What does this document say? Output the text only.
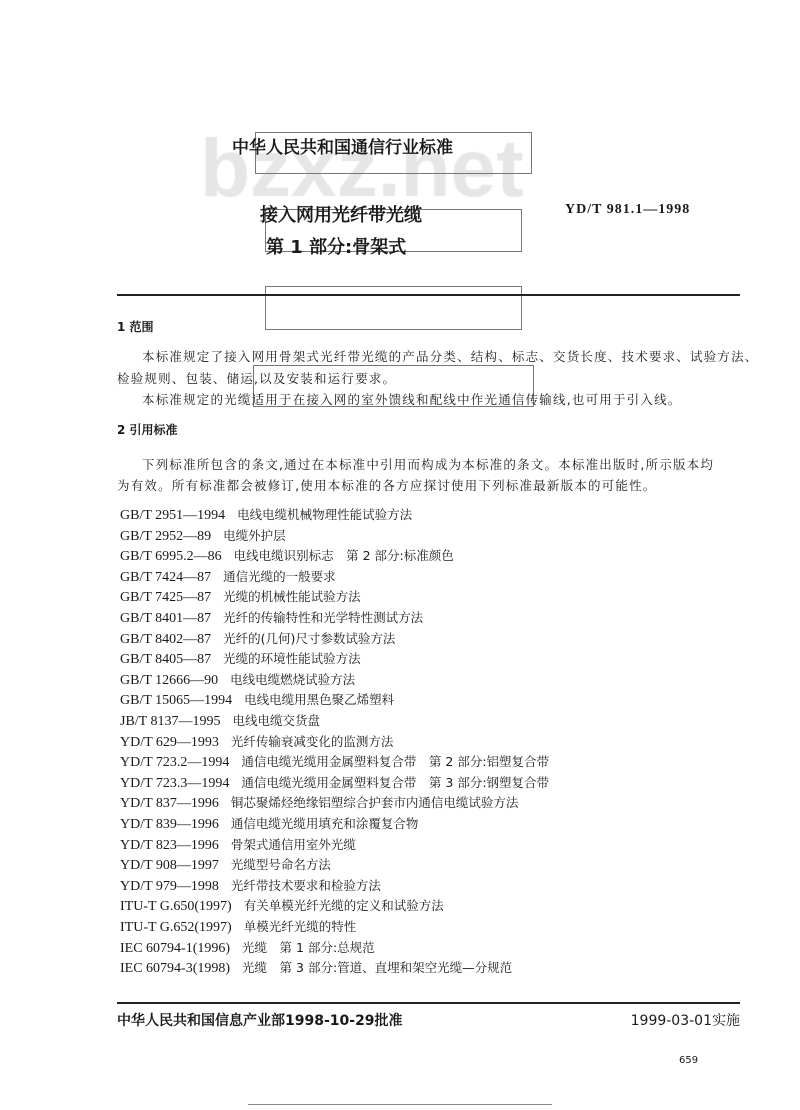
中华人民共和国通信行业标准
接入网用光纤带光缆
第 1 部分:骨架式
YD/T 981.1—1998
1 范围
本标准规定了接入网用骨架式光纤带光缆的产品分类、结构、标志、交货长度、技术要求、试验方法、
检验规则、包装、储运,以及安装和运行要求。
本标准规定的光缆适用于在接入网的室外馈线和配线中作光通信传输线,也可用于引入线。
2 引用标准
下列标准所包含的条文,通过在本标准中引用而构成为本标准的条文。本标准出版时,所示版本均
为有效。所有标准都会被修订,使用本标准的各方应探讨使用下列标准最新版本的可能性。
GB/T 2951—1994 电线电缆机械物理性能试验方法
GB/T 2952—89 电缆外护层
GB/T 6995.2—86 电线电缆识别标志　第 2 部分:标准颜色
GB/T 7424—87 通信光缆的一般要求
GB/T 7425—87 光缆的机械性能试验方法
GB/T 8401—87 光纤的传输特性和光学特性测试方法
GB/T 8402—87 光纤的(几何)尺寸参数试验方法
GB/T 8405—87 光缆的环境性能试验方法
GB/T 12666—90 电线电缆燃烧试验方法
GB/T 15065—1994 电线电缆用黑色聚乙烯塑料
JB/T 8137—1995 电线电缆交货盘
YD/T 629—1993 光纤传输衰减变化的监测方法
YD/T 723.2—1994 通信电缆光缆用金属塑料复合带　第 2 部分:铝塑复合带
YD/T 723.3—1994 通信电缆光缆用金属塑料复合带　第 3 部分:钢塑复合带
YD/T 837—1996 铜芯聚烯烃绝缘铝塑综合护套市内通信电缆试验方法
YD/T 839—1996 通信电缆光缆用填充和涂覆复合物
YD/T 823—1996 骨架式通信用室外光缆
YD/T 908—1997 光缆型号命名方法
YD/T 979—1998 光纤带技术要求和检验方法
ITU-T G.650(1997) 有关单模光纤光缆的定义和试验方法
ITU-T G.652(1997) 单模光纤光缆的特性
IEC 60794-1(1996) 光缆　第 1 部分:总规范
IEC 60794-3(1998) 光缆　第 3 部分:管道、直埋和架空光缆—分规范
中华人民共和国信息产业部1998-10-29批准	1999-03-01实施
659
